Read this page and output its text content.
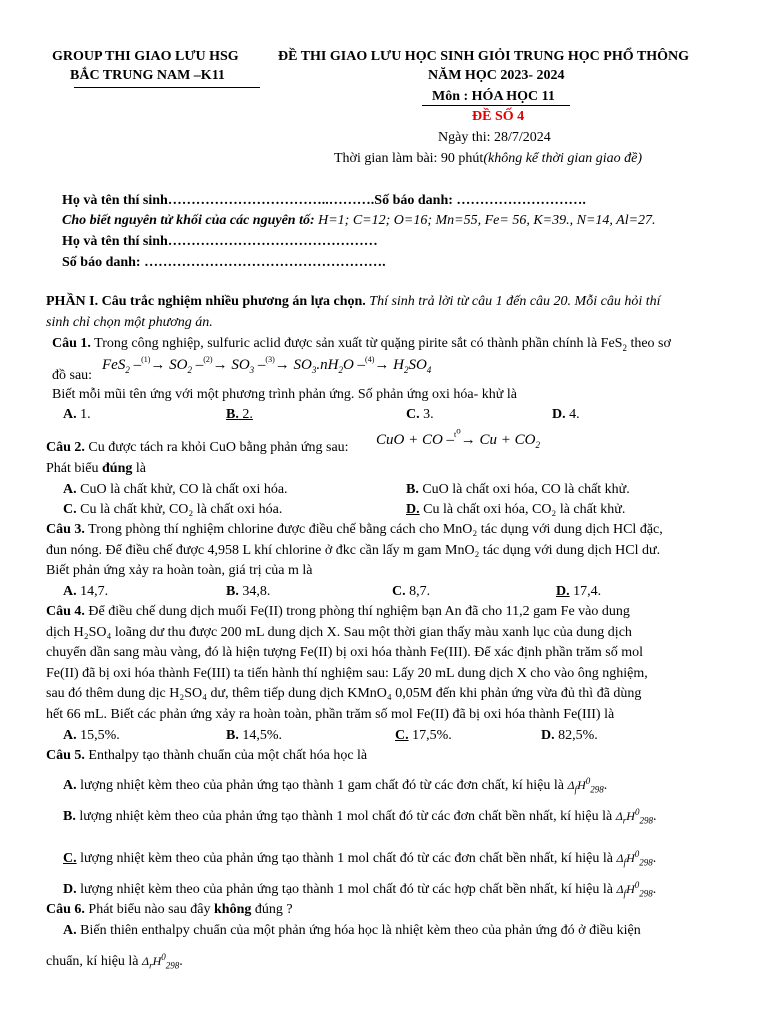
GROUP THI GIAO LƯU HSG
BẮC TRUNG NAM –K11
ĐỀ THI GIAO LƯU HỌC SINH GIỎI TRUNG HỌC PHỔ THÔNG
NĂM HỌC 2023- 2024
Môn : HÓA HỌC 11
ĐỀ SỐ 4
Ngày thi: 28/7/2024
Thời gian làm bài: 90 phút(không kể thời gian giao đề)
Họ và tên thí sinh……………………………..……….Số báo danh: ……………………….
Cho biết nguyên tử khối của các nguyên tố: H=1; C=12; O=16; Mn=55, Fe= 56, K=39., N=14, Al=27.
Họ và tên thí sinh………………………………………
Số báo danh: …………………………………………….
PHẦN I. Câu trắc nghiệm nhiều phương án lựa chọn. Thí sinh trả lời từ câu 1 đến câu 20. Mỗi câu hỏi thí
sinh chỉ chọn một phương án.
Câu 1. Trong công nghiệp, sulfuric aclid được sản xuất từ quặng pirite sắt có thành phần chính là FeS$_2$ theo sơ
đồ sau:
FeS$_2$ $-^{(1)}\to SO_2$ $-^{(2)}\to SO_3$ $-^{(3)}\to SO_3.nH_2O$ $-^{(4)}\to H_2SO_4$
Biết mỗi mũi tên ứng với một phương trình phản ứng. Số phản ứng oxi hóa- khử là
A. 1.	B. 2.	C. 3.	D. 4.
Câu 2. Cu được tách ra khỏi CuO bằng phản ứng sau: CuO + CO $-^{t^o}\to Cu + CO_2$
Phát biểu đúng là
A. CuO là chất khử, CO là chất oxi hóa.	B. CuO là chất oxi hóa, CO là chất khử.
C. Cu là chất khử, CO₂ là chất oxi hóa.	D. Cu là chất oxi hóa, CO₂ là chất khử.
Câu 3. Trong phòng thí nghiệm chlorine được điều chế bằng cách cho MnO₂ tác dụng với dung dịch HCl đặc,
đun nóng. Để điều chế được 4,958 L khí chlorine ở đkc cần lấy m gam MnO₂ tác dụng với dung dịch HCl dư.
Biết phản ứng xảy ra hoàn toàn, giá trị của m là
A. 14,7.	B. 34,8.	C. 8,7.	D. 17,4.
Câu 4. Để điều chế dung dịch muối Fe(II) trong phòng thí nghiệm bạn An đã cho 11,2 gam Fe vào dung
dịch H₂SO₄ loãng dư thu được 200 mL dung dịch X. Sau một thời gian thấy màu xanh lục của dung dịch
chuyển dần sang màu vàng, đó là hiện tượng Fe(II) bị oxi hóa thành Fe(III). Để xác định phần trăm số mol
Fe(II) đã bị oxi hóa thành Fe(III) ta tiến hành thí nghiệm sau: Lấy 20 mL dung dịch X cho vào ông nghiệm,
sau đó thêm dung dịc H₂SO₄ dư, thêm tiếp dung dịch KMnO₄ 0,05M đến khi phản ứng vừa đủ thì đã dùng
hết 66 mL. Biết các phản ứng xảy ra hoàn toàn, phần trăm số mol Fe(II) đã bị oxi hóa thành Fe(III) là
A. 15,5%.	B. 14,5%.	C. 17,5%.	D. 82,5%.
Câu 5. Enthalpy tạo thành chuẩn của một chất hóa học là
A. lượng nhiệt kèm theo của phản ứng tạo thành 1 gam chất đó từ các đơn chất, kí hiệu là $\Delta_fH^0_{298}$.
B. lượng nhiệt kèm theo của phản ứng tạo thành 1 mol chất đó từ các đơn chất bền nhất, kí hiệu là $\Delta_rH^0_{298}$.
C. lượng nhiệt kèm theo của phản ứng tạo thành 1 mol chất đó từ các đơn chất bền nhất, kí hiệu là $\Delta_fH^0_{298}$.
D. lượng nhiệt kèm theo của phản ứng tạo thành 1 mol chất đó từ các hợp chất bền nhất, kí hiệu là $\Delta_fH^0_{298}$.
Câu 6. Phát biểu nào sau đây không đúng ?
A. Biến thiên enthalpy chuẩn của một phản ứng hóa học là nhiệt kèm theo của phản ứng đó ở điều kiện
chuẩn, kí hiệu là $\Delta_rH^0_{298}$.
